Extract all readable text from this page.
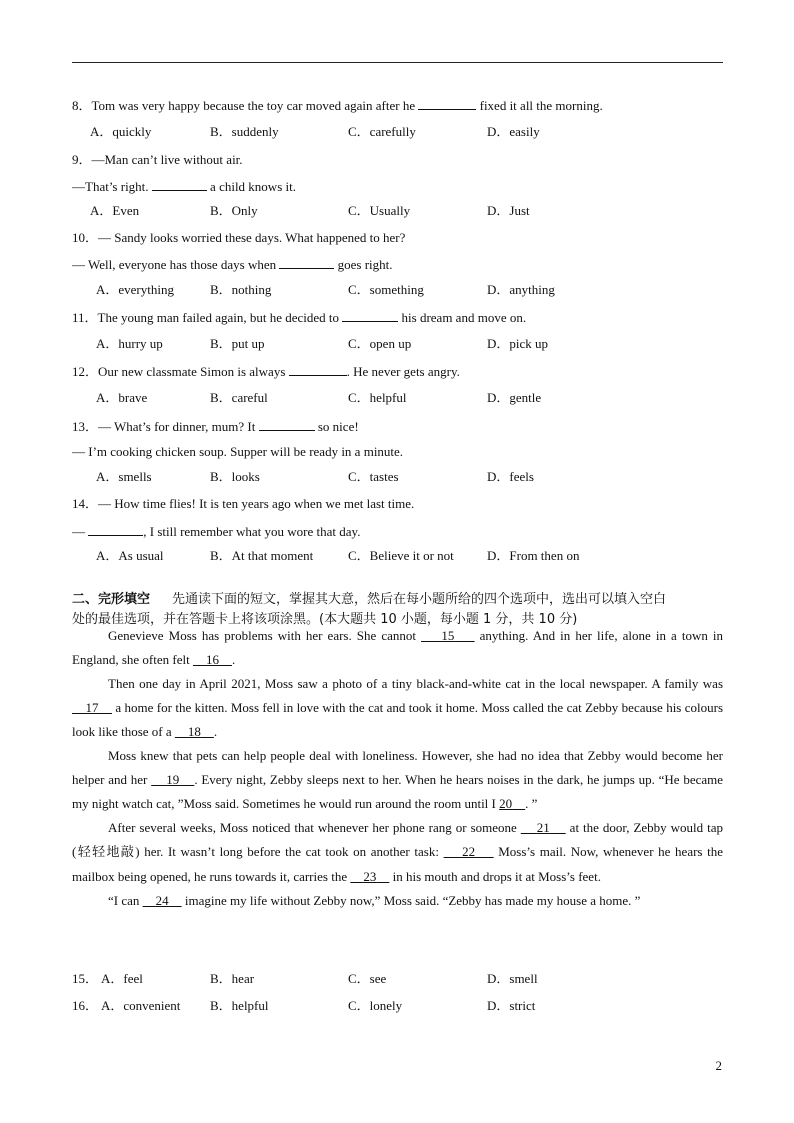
8．Tom was very happy because the toy car moved again after he	fixed it all the morning.
A．quickly	B．suddenly	C．carefully	D．easily
9．—Man can’t live without air.
—That’s right.	a child knows it.
A．Even	B．Only	C．Usually	D．Just
10．— Sandy looks worried these days. What happened to her?
— Well, everyone has those days when	goes right.
A．everything	B．nothing	C．something	D．anything
11．The young man failed again, but he decided to	his dream and move on.
A．hurry up	B．put up	C．open up	D．pick up
12．Our new classmate Simon is always	. He never gets angry.
A．brave	B．careful	C．helpful	D．gentle
13．— What’s for dinner, mum? It	so nice!
— I’m cooking chicken soup. Supper will be ready in a minute.
A．smells	B．looks	C．tastes	D．feels
14．— How time flies! It is ten years ago when we met last time.
—	, I still remember what you wore that day.
A．As usual	B．At that moment	C．Believe it or not	D．From then on
二、完形填空 先通读下面的短文，掌握其大意，然后在每小题所给的四个选项中，选出可以填入空白
处的最佳选项，并在答题卡上将该项涂黑。(本大题共 10 小题，每小题 1 分，共 10 分)

Genevieve Moss has problems with her ears. She cannot     15     anything. And in her life, alone in a town in England, she often felt     16 .

Then one day in April 2021, Moss saw a photo of a tiny black-and-white cat in the local newspaper. A family was     17     a home for the kitten. Moss fell in love with the cat and took it home. Moss called the cat Zebby because his colours look like those of a     18 .

Moss knew that pets can help people deal with loneliness. However, she had no idea that Zebby would become her helper and her     19 . Every night, Zebby sleeps next to her. When he hears noises in the dark, he jumps up. “He became my night watch cat, ”Moss said. Sometimes he would run around the room until I 20 . ”

After several weeks, Moss noticed that whenever her phone rang or someone     21     at the door, Zebby would tap (轻轻地敲) her. It wasn’t long before the cat took on another task:     22     Moss’s mail. Now, whenever he hears the mailbox being opened, he runs towards it, carries the     23     in his mouth and drops it at Moss’s feet.

“I can     24     imagine my life without Zebby now,” Moss said. “Zebby has made my house a home. ”

15． A．feel	B．hear	C．see	D．smell
16． A．convenient B．helpful	C．lonely	D．strict
2
